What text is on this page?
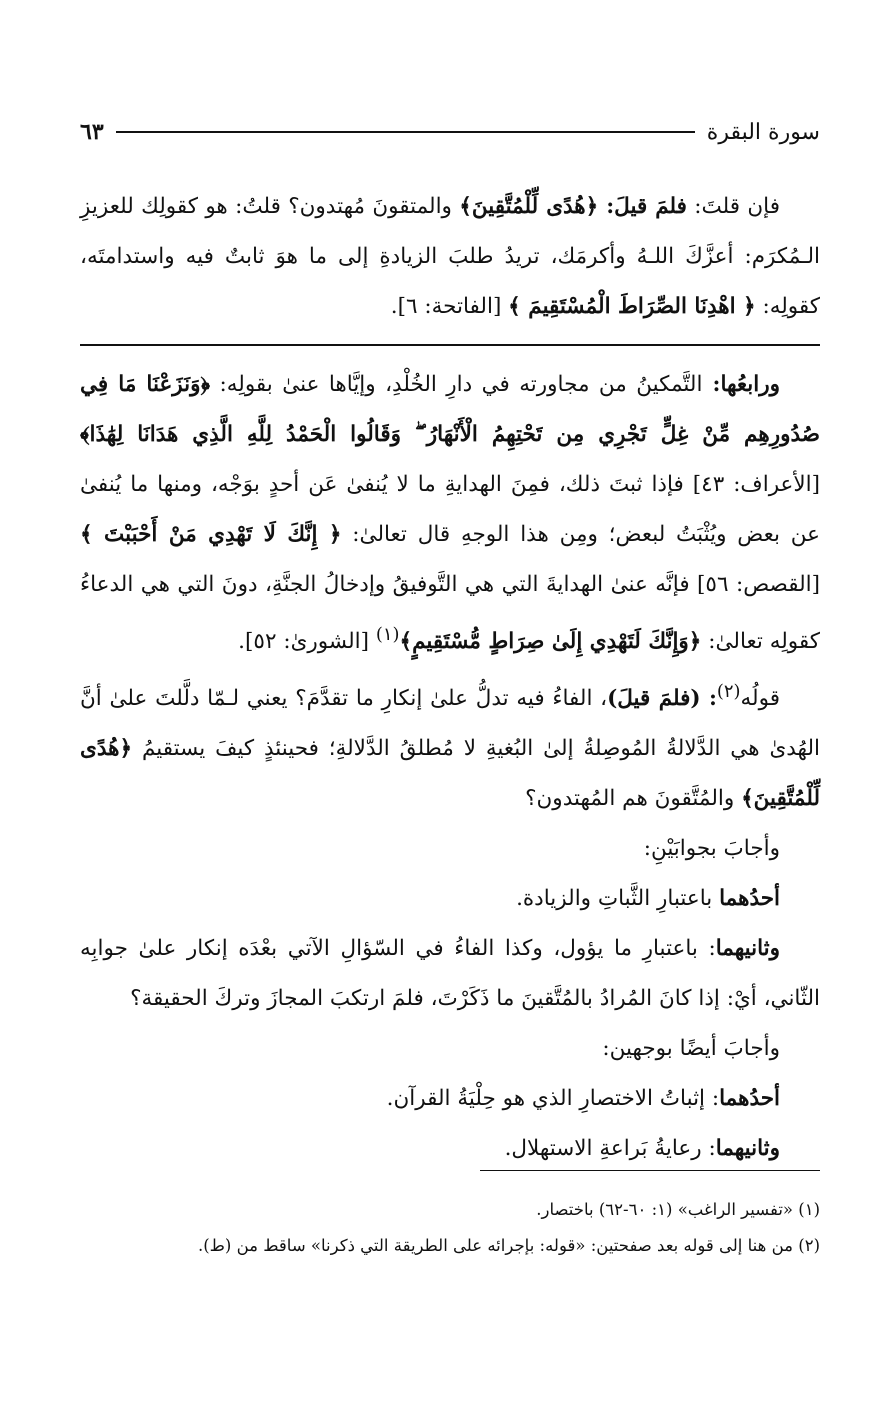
سورة البقرة
٦٣

فإن قلتَ: فلمَ قيلَ: ﴿هُدًى لِّلْمُتَّقِينَ﴾ والمتقونَ مُهتدون؟ قلتُ: هو كقولِك للعزيزِ الـمُكرَم: أعزَّكَ اللـهُ وأكرمَك، تريدُ طلبَ الزيادةِ إلى ما هوَ ثابتٌ فيه واستدامتَه، كقولِه: ﴿ اهْدِنَا الصِّرَاطَ الْمُسْتَقِيمَ ﴾ [الفاتحة: ٦].

ورابعُها: التَّمكينُ من مجاورته في دارِ الخُلْدِ، وإيَّاها عنىٰ بقولِه: ﴿وَنَزَعْنَا مَا فِي صُدُورِهِم مِّنْ غِلٍّ تَجْرِي مِن تَحْتِهِمُ الْأَنْهَارُ ۖ وَقَالُوا الْحَمْدُ لِلَّهِ الَّذِي هَدَانَا لِهَٰذَا﴾ [الأعراف: ٤٣] فإذا ثبتَ ذلك، فمِنَ الهدايةِ ما لا يُنفىٰ عَن أحدٍ بوَجْه، ومنها ما يُنفىٰ عن بعض ويُثْبَتُ لبعض؛ ومِن هذا الوجهِ قال تعالىٰ: ﴿ إِنَّكَ لَا تَهْدِي مَنْ أَحْبَبْتَ ﴾ [القصص: ٥٦] فإنَّه عنىٰ الهدايةَ التي هي التَّوفيقُ وإدخالُ الجنَّةِ، دونَ التي هي الدعاءُ كقولِه تعالىٰ: ﴿وَإِنَّكَ لَتَهْدِي إِلَىٰ صِرَاطٍ مُّسْتَقِيمٍ﴾$^{(١)}$ [الشورىٰ: ٥٢].

قولُه$^{(٢)}$: (فلمَ قيلَ)، الفاءُ فيه تدلُّ علىٰ إنكارِ ما تقدَّمَ؟ يعني لـمّا دلَّلتَ علىٰ أنَّ الهُدىٰ هي الدَّلالةُ المُوصِلةُ إلىٰ البُغيةِ لا مُطلقُ الدَّلالةِ؛ فحينئذٍ كيفَ يستقيمُ ﴿هُدًى لِّلْمُتَّقِينَ﴾ والمُتَّقونَ هم المُهتدون؟

وأجابَ بجوابَيْنِ:

أحدُهما باعتبارِ الثَّباتِ والزيادة.

وثانيهما: باعتبارِ ما يؤول، وكذا الفاءُ في السّؤالِ الآتي بعْدَه إنكار علىٰ جوابِه الثّاني، أيْ: إذا كانَ المُرادُ بالمُتَّقينَ ما ذَكَرْتَ، فلمَ ارتكبَ المجازَ وتركَ الحقيقة؟

وأجابَ أيضًا بوجهين:

أحدُهما: إثباتُ الاختصارِ الذي هو حِلْيَةُ القرآن.

وثانيهما: رعايةُ بَراعةِ الاستهلال.

(١) «تفسير الراغب» (١: ٦٠-٦٢) باختصار.

(٢) من هنا إلى قوله بعد صفحتين: «قوله: بإجرائه على الطريقة التي ذكرنا» ساقط من (ط).
